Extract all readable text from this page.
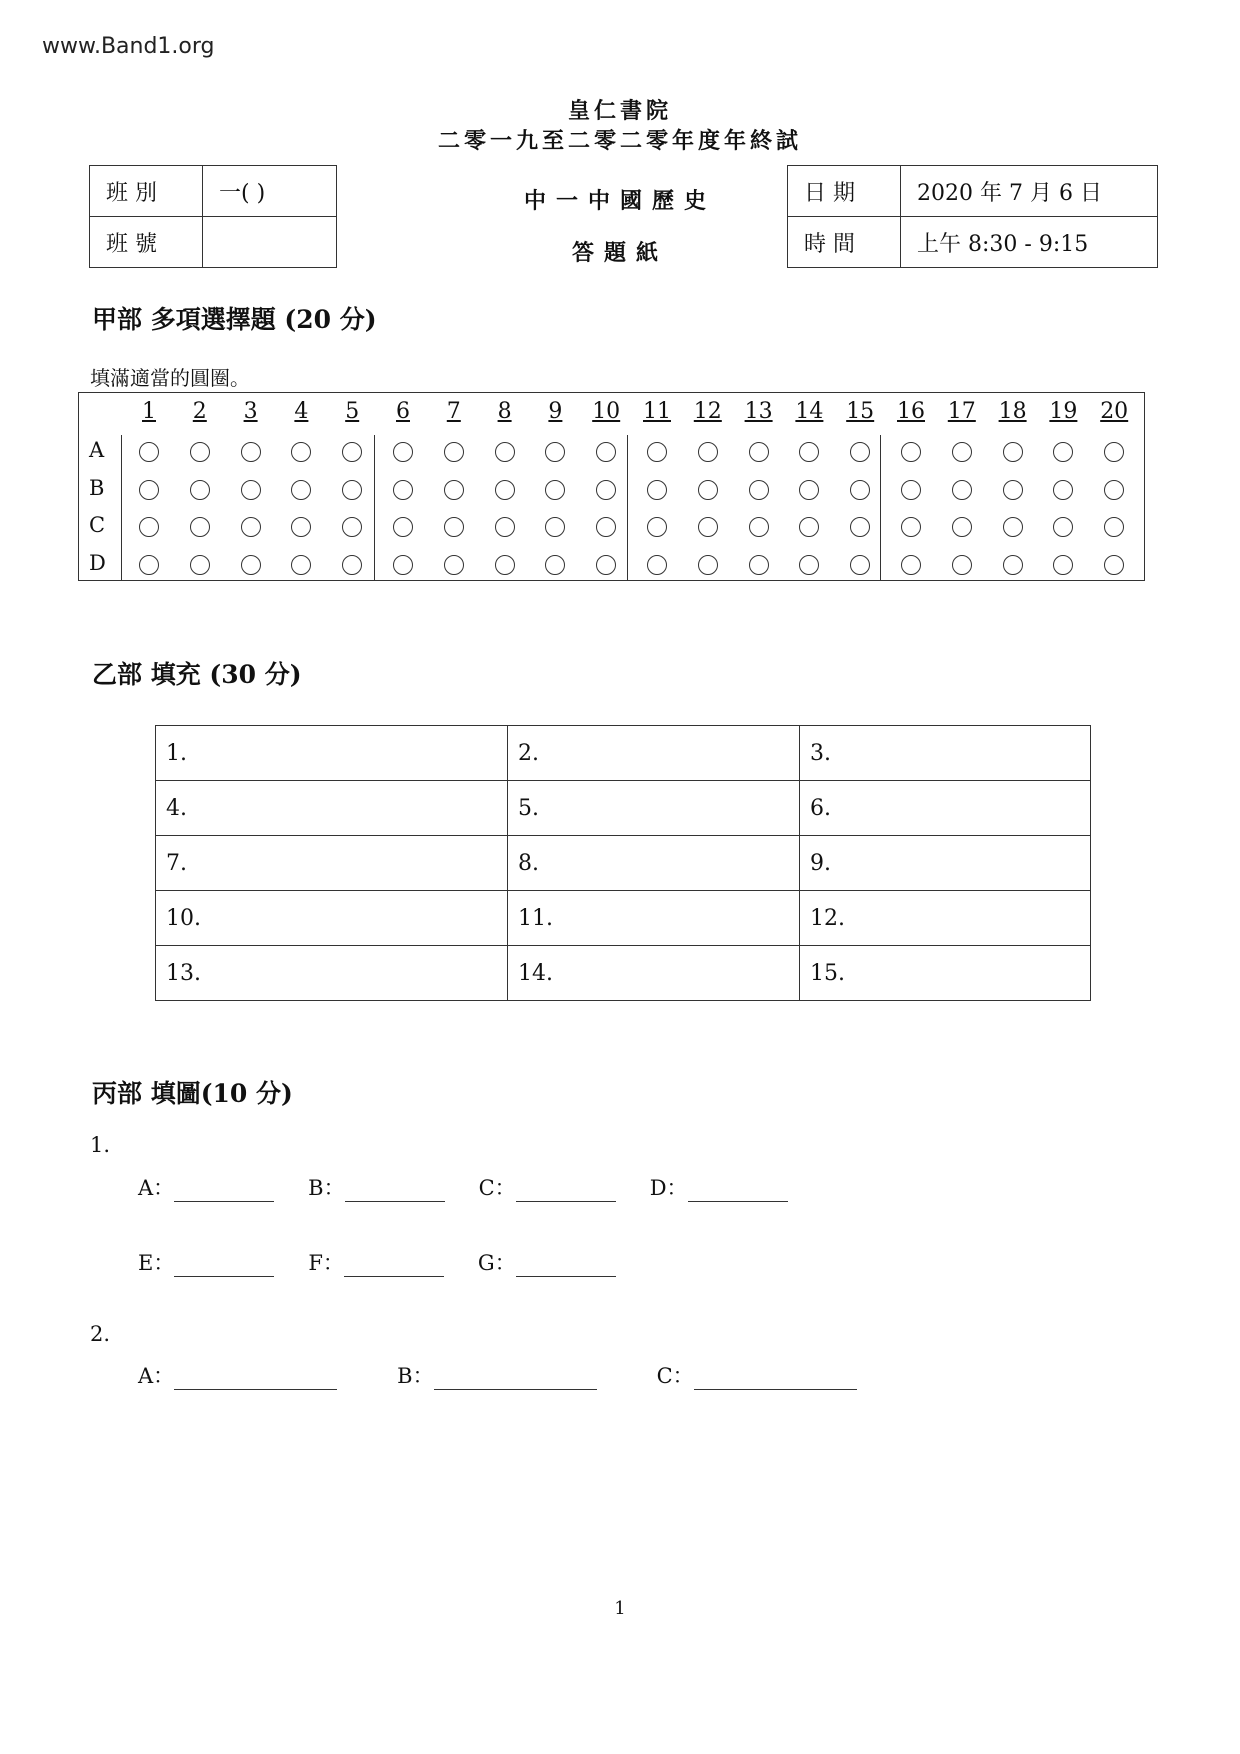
www.Band1.org
皇仁書院
二零一九至二零二零年度年終試
班 別	一( )
班 號	
中一中國歷史
答題紙
日 期	2020 年 7 月 6 日
時 間	上午 8:30 - 9:15
甲部 多項選擇題 (20 分)
填滿適當的圓圈。
1	2	3	4	5	6	7	8	9	10 11 12 13 14 15 16 17 18 19 20
A
B
C
D
乙部 填充 (30 分)
1.	2.	3.
4.	5.	6.
7.	8.	9.
10.	11.	12.
13.	14.	15.
丙部 填圖(10 分)
1.
A：	B：	C：	D：
E：	F：	G：
2.
A：	B：	C：
1
